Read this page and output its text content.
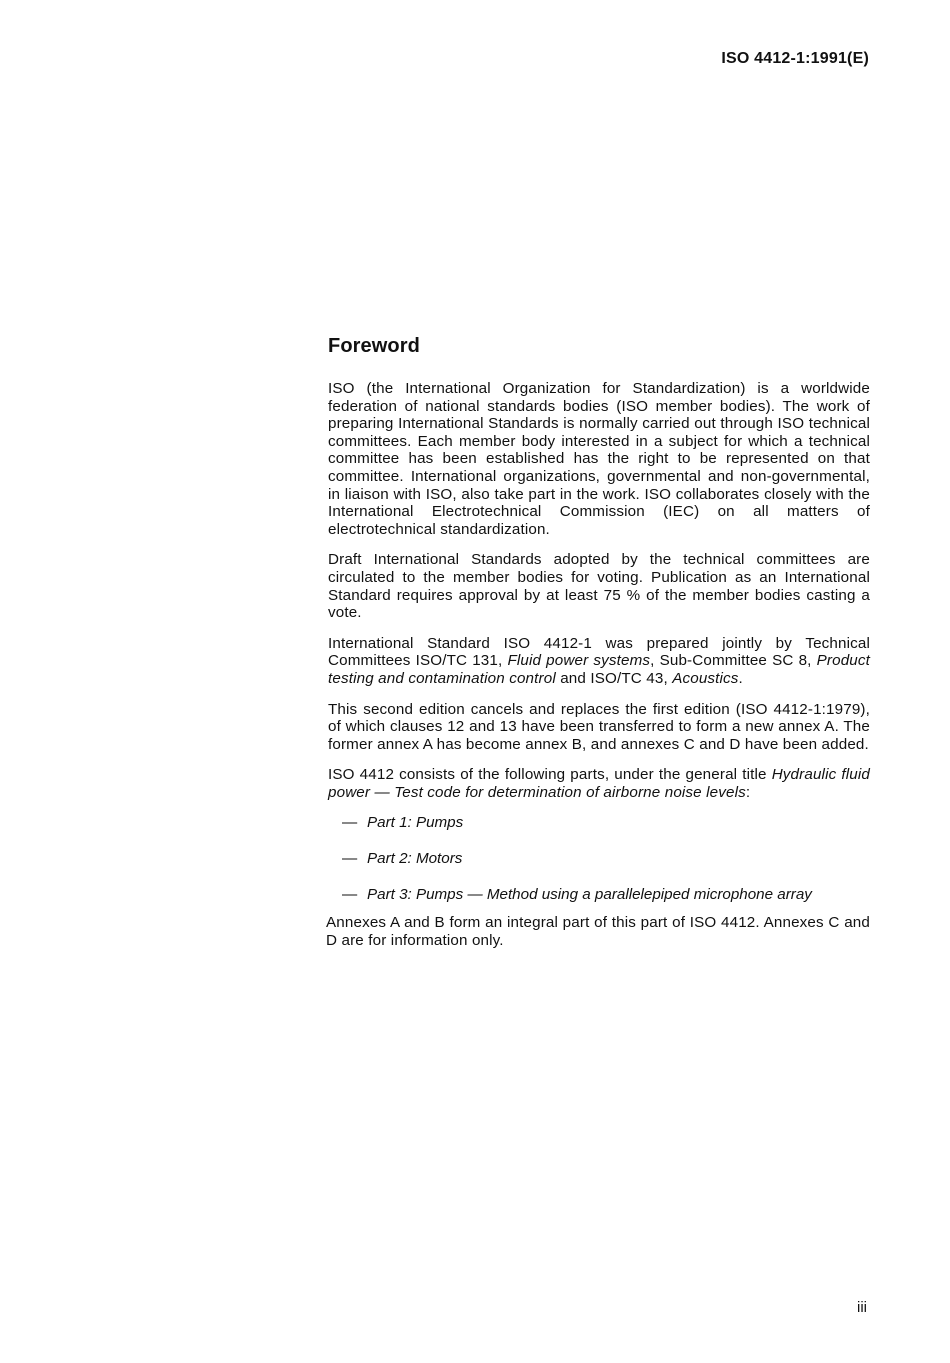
ISO 4412-1:1991(E)
Foreword

ISO (the International Organization for Standardization) is a worldwide federation of national standards bodies (ISO member bodies). The work of preparing International Standards is normally carried out through ISO technical committees. Each member body interested in a subject for which a technical committee has been established has the right to be represented on that committee. International organizations, governmental and non-governmental, in liaison with ISO, also take part in the work. ISO collaborates closely with the International Electrotechnical Commission (IEC) on all matters of electrotechnical standardization.

Draft International Standards adopted by the technical committees are circulated to the member bodies for voting. Publication as an International Standard requires approval by at least 75 % of the member bodies casting a vote.

International Standard ISO 4412-1 was prepared jointly by Technical Committees ISO/TC 131, Fluid power systems, Sub-Committee SC 8, Product testing and contamination control and ISO/TC 43, Acoustics.

This second edition cancels and replaces the first edition (ISO 4412-1:1979), of which clauses 12 and 13 have been transferred to form a new annex A. The former annex A has become annex B, and annexes C and D have been added.

ISO 4412 consists of the following parts, under the general title Hydraulic fluid power — Test code for determination of airborne noise levels:

— Part 1: Pumps
— Part 2: Motors
— Part 3: Pumps — Method using a parallelepiped microphone array

Annexes A and B form an integral part of this part of ISO 4412. Annexes C and D are for information only.

iii
